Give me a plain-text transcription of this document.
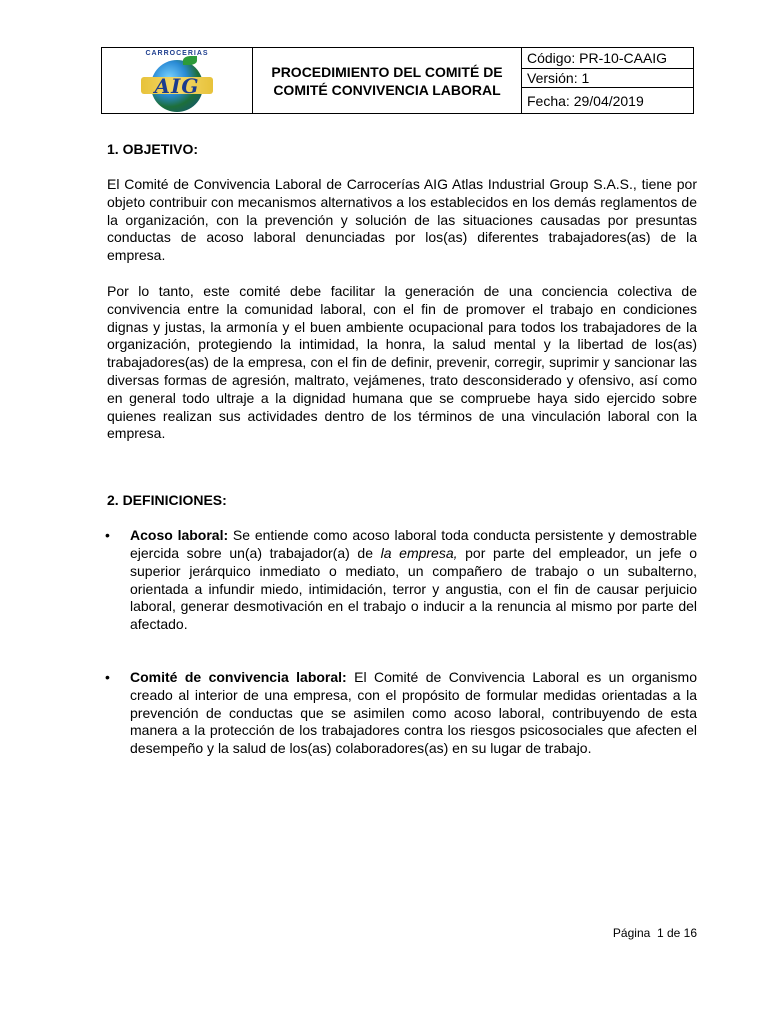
CARROCERIAS
AIG
	PROCEDIMIENTO DEL COMITÉ DE COMITÉ CONVIVENCIA LABORAL	Código: PR-10-CAAIG
Versión: 1
Fecha: 29/04/2019

1. OBJETIVO:

El Comité de Convivencia Laboral de Carrocerías AIG Atlas Industrial Group S.A.S., tiene por objeto contribuir con mecanismos alternativos a los establecidos en los demás reglamentos de la organización, con la prevención y solución de las situaciones causadas por presuntas conductas de acoso laboral denunciadas por los(as) diferentes trabajadores(as) de la empresa.

Por lo tanto, este comité debe facilitar la generación de una conciencia colectiva de convivencia entre la comunidad laboral, con el fin de promover el trabajo en condiciones dignas y justas, la armonía y el buen ambiente ocupacional para todos los trabajadores de la organización, protegiendo la intimidad, la honra, la salud mental y la libertad de los(as) trabajadores(as) de la empresa, con el fin de definir, prevenir, corregir, suprimir y sancionar las diversas formas de agresión, maltrato, vejámenes, trato desconsiderado y ofensivo, así como en general todo ultraje a la dignidad humana que se compruebe haya sido ejercido sobre quienes realizan sus actividades dentro de los términos de una vinculación laboral con la empresa.

2. DEFINICIONES:

• Acoso laboral: Se entiende como acoso laboral toda conducta persistente y demostrable ejercida sobre un(a) trabajador(a) de la empresa, por parte del empleador, un jefe o superior jerárquico inmediato o mediato, un compañero de trabajo o un subalterno, orientada a infundir miedo, intimidación, terror y angustia, con el fin de causar perjuicio laboral, generar desmotivación en el trabajo o inducir a la renuncia al mismo por parte del afectado.

• Comité de convivencia laboral: El Comité de Convivencia Laboral es un organismo creado al interior de una empresa, con el propósito de formular medidas orientadas a la prevención de conductas que se asimilen como acoso laboral, contribuyendo de esta manera a la protección de los trabajadores contra los riesgos psicosociales que afecten el desempeño y la salud de los(as) colaboradores(as) en su lugar de trabajo.

Página  1 de 16
